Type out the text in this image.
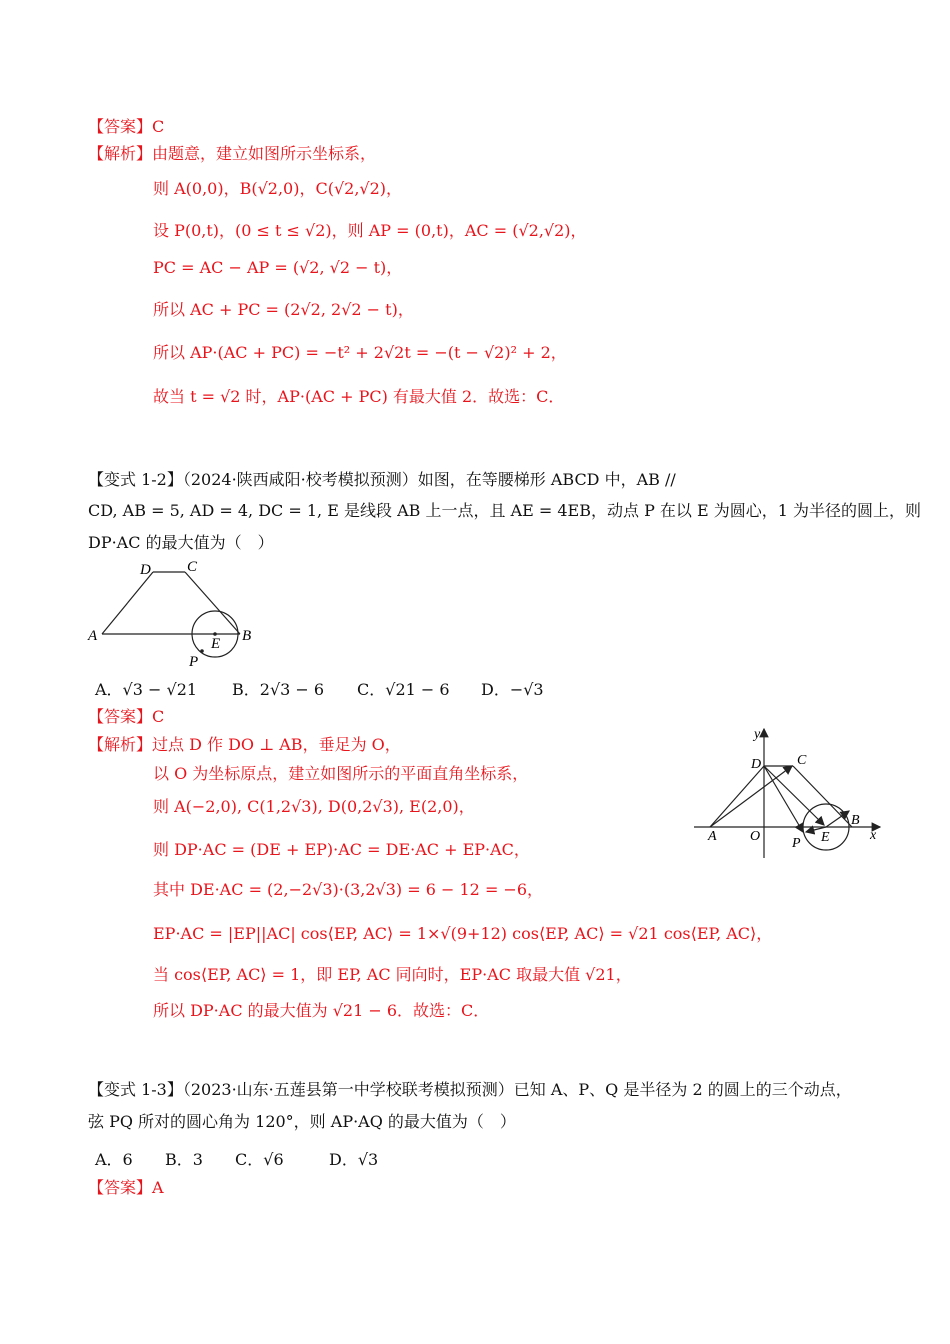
【答案】C
【解析】由题意，建立如图所示坐标系，
则 A(0,0)，B(√2,0)，C(√2,√2)，
设 P(0,t)，(0 ≤ t ≤ √2)，则 AP = (0,t)，AC = (√2,√2)，
PC = AC − AP = (√2, √2 − t)，
所以 AC + PC = (2√2, 2√2 − t)，
所以 AP·(AC + PC) = −t² + 2√2t = −(t − √2)² + 2，
故当 t = √2 时，AP·(AC + PC) 有最大值 2．故选：C．
【变式 1-2】（2024·陕西咸阳·校考模拟预测）如图，在等腰梯形 ABCD 中，AB //
CD, AB = 5, AD = 4, DC = 1, E 是线段 AB 上一点，且 AE = 4EB，动点 P 在以 E 为圆心，1 为半径的圆上，则
DP·AC 的最大值为（　）
A	B
C
D
E
P
A．√3 − √21 B．2√3 − 6 C．√21 − 6 D．−√3
【答案】C
【解析】过点 D 作 DO ⊥ AB，垂足为 O，
以 O 为坐标原点，建立如图所示的平面直角坐标系，
则 A(−2,0), C(1,2√3), D(0,2√3), E(2,0)，
则 DP·AC = (DE + EP)·AC = DE·AC + EP·AC，
其中 DE·AC = (2,−2√3)·(3,2√3) = 6 − 12 = −6，
EP·AC = |EP||AC| cos⟨EP, AC⟩ = 1×√(9+12) cos⟨EP, AC⟩ = √21 cos⟨EP, AC⟩，
当 cos⟨EP, AC⟩ = 1，即 EP, AC 同向时，EP·AC 取最大值 √21，
所以 DP·AC 的最大值为 √21 − 6．故选：C．
y
x
O
A
B
C
D
E
P
【变式 1-3】（2023·山东·五莲县第一中学校联考模拟预测）已知 A、P、Q 是半径为 2 的圆上的三个动点，
弦 PQ 所对的圆心角为 120°，则 AP·AQ 的最大值为（　）
A．6 B．3 C．√6	D．√3
【答案】A
